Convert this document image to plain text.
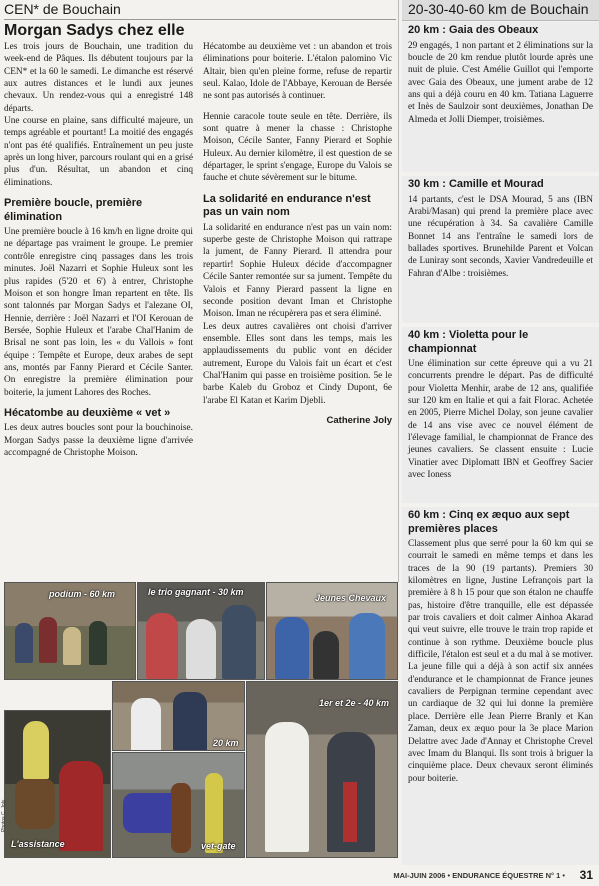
CEN* de Bouchain	20-30-40-60 km de Bouchain
Morgan Sadys chez elle

Les trois jours de Bouchain, une tradition du week-end de Pâques. Ils débutent toujours par la CEN* et la 60 le samedi. Le dimanche est réservé aux autres distances et le lundi aux jeunes chevaux. Un rendez-vous qui a enregistré 148 départs.

Une course en plaine, sans difficulté majeure, un temps agréable et pourtant! La moitié des engagés n'ont pas été qualifiés. Entraînement un peu juste après un long hiver, parcours roulant qui en a grisé plus d'un. Résultat, un abandon et cinq éliminations.

Première boucle, première élimination

Une première boucle à 16 km/h en ligne droite qui ne départage pas vraiment le groupe. Le premier contrôle enregistre cinq passages dans les trois minutes. Joël Nazarri et Sophie Huleux sont les plus rapides (5'20 et 6') à entrer, Christophe Moison et son hongre Iman repartent en tête. Ils sont talonnés par Morgan Sadys et l'alezane OI, Hennie, derrière : Joël Nazarri et l'OI Kerouan de Bersée, Sophie Huleux et l'arabe Chal'Hanim de Brisal ne sont pas loin, les « du Vallois » font équipe : Tempête et Europe, deux arabes de sept ans, montés par Fanny Pierard et Cécile Santer. On enregistre la première élimination pour boiterie, la jument Lahores des Roches.

Hécatombe au deuxième « vet »

Les deux autres boucles sont pour la bouchinoise. Morgan Sadys passe la deuxième ligne d'arrivée accompagné de Christophe Moison.

Hécatombe au deuxième vet : un abandon et trois éliminations pour boiterie. L'étalon palomino Vic Altair, bien qu'en pleine forme, refuse de repartir seul. Kalao, Idole de l'Abbaye, Kerouan de Bersée ne sont pas autorisés à continuer.

Hennie caracole toute seule en tête. Derrière, ils sont quatre à mener la chasse : Christophe Moison, Cécile Santer, Fanny Pierard et Sophie Huleux. Au dernier kilomètre, il est question de se départager, le sprint s'engage, Europe du Valois se fauche et chute sévèrement sur le bitume.

La solidarité en endurance n'est pas un vain nom

La solidarité en endurance n'est pas un vain nom: superbe geste de Christophe Moison qui rattrape la jument, de Fanny Pierard. Il attendra pour repartir! Sophie Huleux décide d'accompagner Cécile Santer remontée sur sa jument. Tempête du Valois et Fanny Pierard passent la ligne en seconde position devant Iman et Christophe Moison. Iman ne récupèrera pas et sera éliminé.

Les deux autres cavalières ont choisi d'arriver ensemble. Elles sont dans les temps, mais les applaudissements du public vont en décider autrement, Europe du Valois fait un écart et c'est Chal'Hanim qui passe en troisième position. 5e le barbe Kaleb du Groboz et Cindy Dupont, 6e l'arabe El Katan et Karim Djebli.

Catherine Joly
20 km : Gaia des Obeaux

29 engagés, 1 non partant et 2 éliminations sur la boucle de 20 km rendue plutôt lourde après une nuit de pluie. C'est Amélie Guillot qui l'emporte avec Gaia des Obeaux, une jument arabe de 12 ans qui a déjà couru en 40 km. Tatiana Laguerre et Inès de Saulzoir sont deuxièmes, Jonathan De Almeda et Jolli Diemper, troisièmes.

30 km : Camille et Mourad

14 partants, c'est le DSA Mourad, 5 ans (IBN Arabi/Masan) qui prend la première place avec une récupération à 34. Sa cavalière Camille Bonnet 14 ans l'entraîne le samedi lors de ballades sportives. Brunehilde Parent et Volcan de Luniray sont seconds, Xavier Vandredeuille et Fahran d'Albe : troisièmes.

40 km : Violetta pour le championnat

Une élimination sur cette épreuve qui a vu 21 concurrents prendre le départ. Pas de difficulté pour Violetta Menhir, arabe de 12 ans, qualifiée sur 120 km en Italie et qui a fait Florac. Achetée en 2005, Pierre Michel Dolay, son jeune cavalier de 14 ans vise avec ce nouvel élément de l'élevage familial, le championnat de France des jeunes cavaliers. Se classent ensuite : Lucie Vinatier avec Diplomatt IBN et Geoffrey Sacier avec Ioness

60 km : Cinq ex æquo aux sept premières places

Classement plus que serré pour la 60 km qui se courrait le samedi en même temps et dans les traces de la 90 (19 partants). Premiers 30 kilomètres en ligne, Justine Lefrançois part la première à 8 h 15 pour que son étalon ne chauffe pas, histoire d'être tranquille, elle est dépassée par trois cavaliers et doit calmer Ainhoa Akarad qui veut suivre, elle trouve le train trop rapide et continue à son rythme. Deuxième boucle plus difficile, l'étalon est seul et a du mal à se motiver. La jeune fille qui a déjà à son actif six années d'endurance et le championnat de France jeunes cavaliers de Perpignan termine cependant avec un cardiaque de 32 qui lui donne la première place. Derrière elle Jean Pierre Branly et Kan Zaman, deux ex æquo pour la 3e place Marion Delattre avec Jade d'Annay et Christophe Crevel avec Imam du Blanqui. Ils sont trois à briguer la cinquième place. Deux chevaux seront éliminés pour boiterie.

podium - 60 km	le trio gagnant - 30 km
Jeunes Chevaux
20 km
1er et 2e - 40 km
L'assistance	vet-gate
Photos C. Joly
MAI-JUIN 2006 • ENDURANCE ÉQUESTRE N° 1 • 31
